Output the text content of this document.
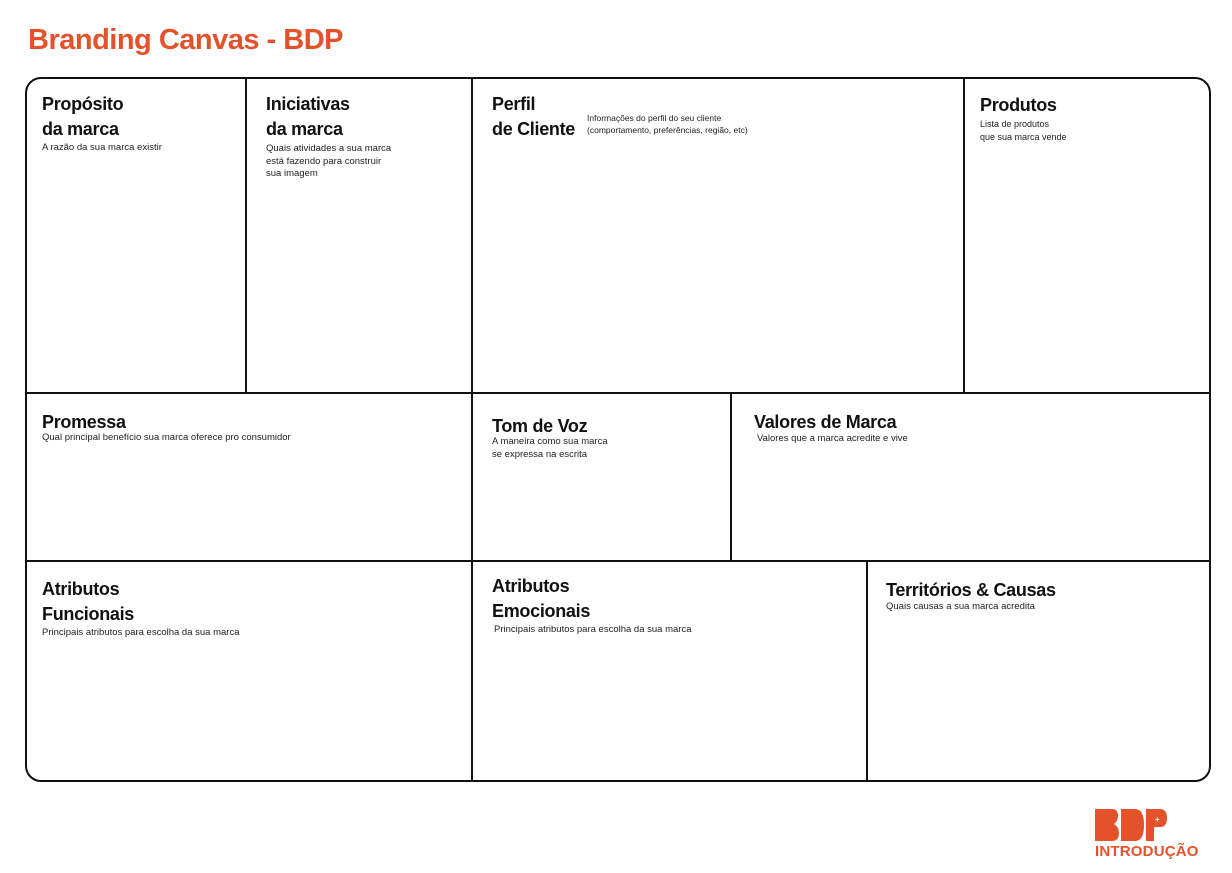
Branding Canvas - BDP
Propósito
da marca

A razão da sua marca existir

Iniciativas
da marca

Quais atividades a sua marca
está fazendo para construir
sua imagem

Perfil
de Cliente

Informações do perfil do seu cliente
(comportamento, preferências, região, etc)

Produtos

Lista de produtos
que sua marca vende

Promessa

Qual principal benefício sua marca oferece pro consumidor

Tom de Voz

A maneira como sua marca
se expressa na escrita

Valores de Marca

Valores que a marca acredite e vive

Atributos
Funcionais

Principais atributos para escolha da sua marca

Atributos
Emocionais

Principais atributos para escolha da sua marca

Territórios & Causas

Quais causas a sua marca acredita

+
INTRODUÇÃO
